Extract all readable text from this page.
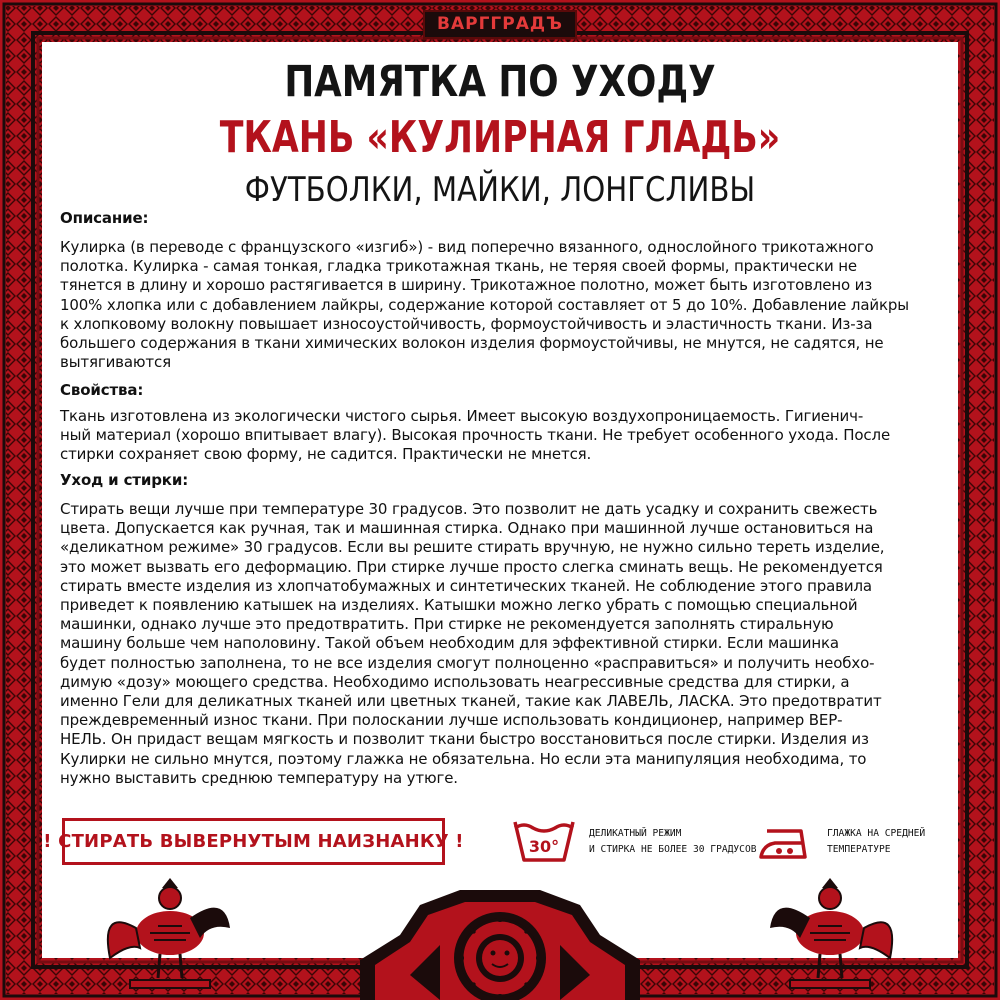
ВАРГГРАДЪ
ПАМЯТКА ПО УХОДУ
ТКАНЬ «КУЛИРНАЯ ГЛАДЬ»
ФУТБОЛКИ, МАЙКИ, ЛОНГСЛИВЫ
Описание:
Кулирка (в переводе с французского «изгиб») - вид поперечно вязанного, однослойного трикотажного
полотка. Кулирка - самая тонкая, гладка трикотажная ткань, не теряя своей формы, практически не
тянется в длину и хорошо растягивается в ширину. Трикотажное полотно, может быть изготовлено из
100% хлопка или с добавлением лайкры, содержание которой составляет от 5 до 10%. Добавление лайкры
к хлопковому волокну повышает износоустойчивость, формоустойчивость и эластичность ткани. Из-за
большего содержания в ткани химических волокон изделия формоустойчивы, не мнутся, не садятся, не
вытягиваются
Свойства:
Ткань изготовлена из экологически чистого сырья. Имеет высокую воздухопроницаемость. Гигиенич-
ный материал (хорошо впитывает влагу). Высокая прочность ткани. Не требует особенного ухода. После
стирки сохраняет свою форму, не садится. Практически не мнется.
Уход и стирки:
Стирать вещи лучше при температуре 30 градусов. Это позволит не дать усадку и сохранить свежесть
цвета. Допускается как ручная, так и машинная стирка. Однако при машинной лучше остановиться на
«деликатном режиме» 30 градусов. Если вы решите стирать вручную, не нужно сильно тереть изделие,
это может вызвать его деформацию. При стирке лучше просто слегка сминать вещь. Не рекомендуется
стирать вместе изделия из хлопчатобумажных и синтетических тканей. Не соблюдение этого правила
приведет к появлению катышек на изделиях. Катышки можно легко убрать с помощью специальной
машинки, однако лучше это предотвратить. При стирке не рекомендуется заполнять стиральную
машину больше чем наполовину. Такой объем необходим для эффективной стирки. Если машинка
будет полностью заполнена, то не все изделия смогут полноценно «расправиться» и получить необхо-
димую «дозу» моющего средства. Необходимо использовать неагрессивные средства для стирки, а
именно Гели для деликатных тканей или цветных тканей, такие как ЛАВЕЛЬ, ЛАСКА. Это предотвратит
преждевременный износ ткани. При полоскании лучше использовать кондиционер, например ВЕР-
НЕЛЬ. Он придаст вещам мягкость и позволит ткани быстро восстановиться после стирки. Изделия из
Кулирки не сильно мнутся, поэтому глажка не обязательна. Но если эта манипуляция необходима, то
нужно выставить среднюю температуру на утюге.
! СТИРАТЬ ВЫВЕРНУТЫМ НАИЗНАНКУ !	30°

ДЕЛИКАТНЫЙ РЕЖИМ
И СТИРКА НЕ БОЛЕЕ 30 ГРАДУСОВ

ГЛАЖКА НА СРЕДНЕЙ
ТЕМПЕРАТУРЕ
